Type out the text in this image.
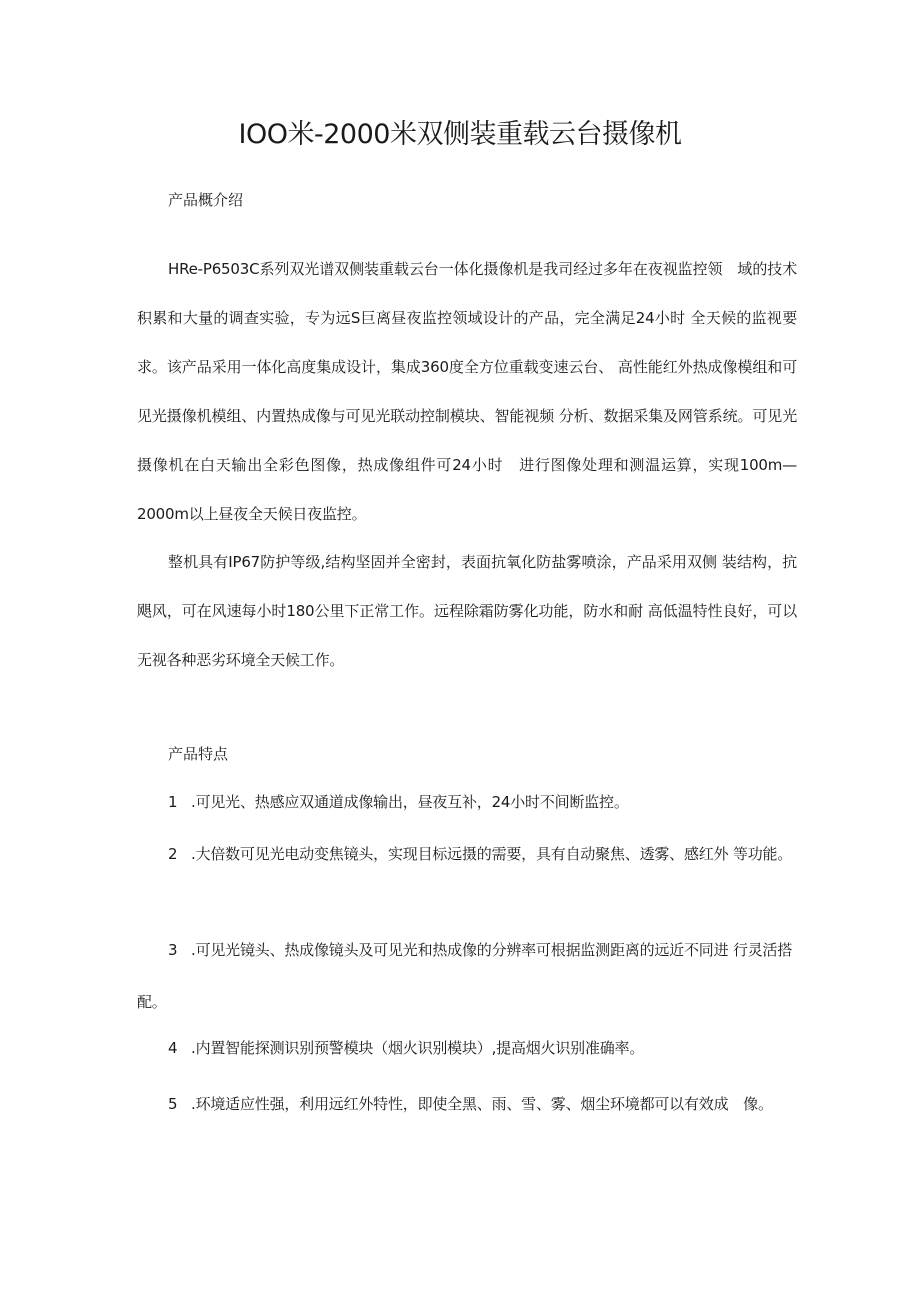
IOO米-2000米双侧装重载云台摄像机
产品概介绍
HRe-P6503C系列双光谱双侧装重载云台一体化摄像机是我司经过多年在夜视监控领　域的技术积累和大量的调查实验，专为远S巨离昼夜监控领域设计的产品，完全满足24小时 全天候的监视要求。该产品采用一体化高度集成设计，集成360度全方位重载变速云台、 高性能红外热成像模组和可见光摄像机模组、内置热成像与可见光联动控制模块、智能视频 分析、数据采集及网管系统。可见光摄像机在白天输出全彩色图像，热成像组件可24小时　进行图像处理和测温运算，实现100m—2000m以上昼夜全天候日夜监控。
整机具有IP67防护等级,结构坚固并全密封，表面抗氧化防盐雾喷涂，产品采用双侧 装结构，抗飓风，可在风速每小时180公里下正常工作。远程除霜防雾化功能，防水和耐 高低温特性良好，可以无视各种恶劣环境全天候工作。
产品特点
1 .可见光、热感应双通道成像输出，昼夜互补，24小时不间断监控。
2 .大倍数可见光电动变焦镜头，实现目标远摄的需要，具有自动聚焦、透雾、感红外 等功能。
3 .可见光镜头、热成像镜头及可见光和热成像的分辨率可根据监测距离的远近不同进 行灵活搭配。
4 .内置智能探测识别预警模块（烟火识别模块）,提高烟火识别准确率。
5 .环境适应性强，利用远红外特性，即使全黑、雨、雪、雾、烟尘环境都可以有效成　像。
